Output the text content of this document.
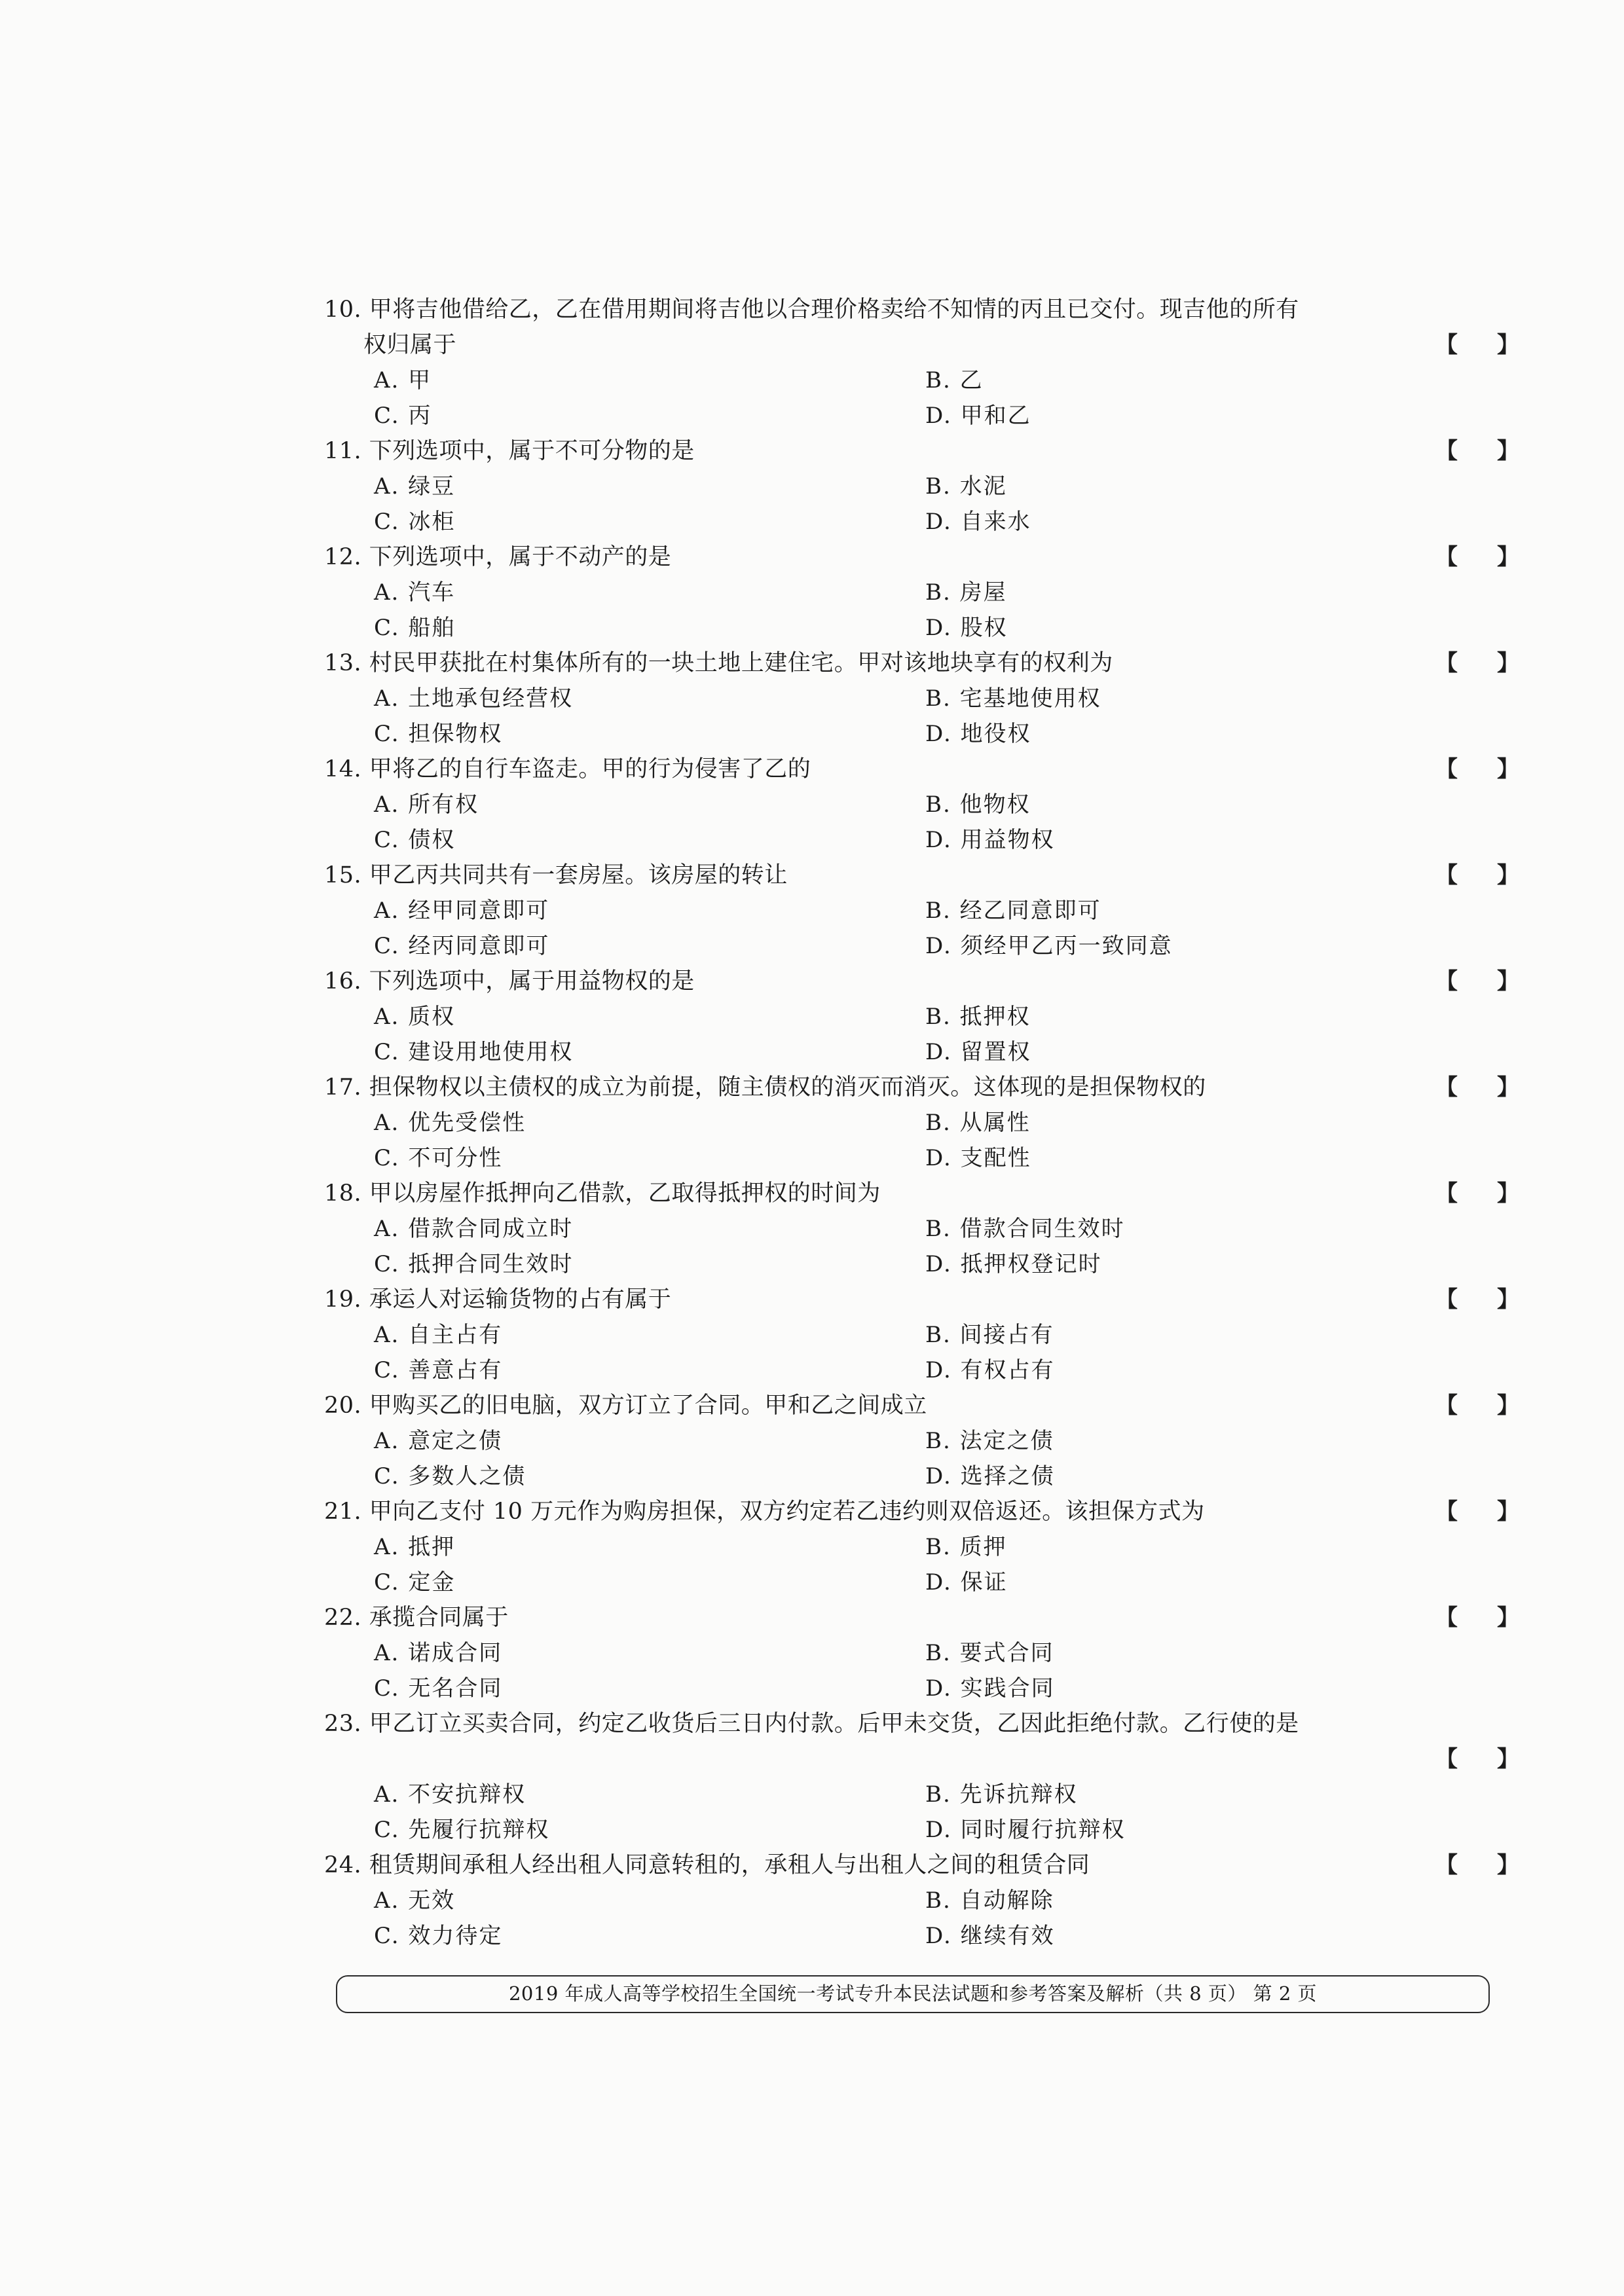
10. 甲将吉他借给乙，乙在借用期间将吉他以合理价格卖给不知情的丙且已交付。现吉他的所有
权归属于	【 】
A. 甲	B. 乙
C. 丙	D. 甲和乙
11. 下列选项中，属于不可分物的是	【 】
A. 绿豆	B. 水泥
C. 冰柜	D. 自来水
12. 下列选项中，属于不动产的是	【 】
A. 汽车	B. 房屋
C. 船舶	D. 股权
13. 村民甲获批在村集体所有的一块土地上建住宅。甲对该地块享有的权利为	【 】
A. 土地承包经营权	B. 宅基地使用权
C. 担保物权	D. 地役权
14. 甲将乙的自行车盗走。甲的行为侵害了乙的	【 】
A. 所有权	B. 他物权
C. 债权	D. 用益物权
15. 甲乙丙共同共有一套房屋。该房屋的转让	【 】
A. 经甲同意即可	B. 经乙同意即可
C. 经丙同意即可	D. 须经甲乙丙一致同意
16. 下列选项中，属于用益物权的是	【 】
A. 质权	B. 抵押权
C. 建设用地使用权	D. 留置权
17. 担保物权以主债权的成立为前提，随主债权的消灭而消灭。这体现的是担保物权的	【 】
A. 优先受偿性	B. 从属性
C. 不可分性	D. 支配性
18. 甲以房屋作抵押向乙借款，乙取得抵押权的时间为	【 】
A. 借款合同成立时	B. 借款合同生效时
C. 抵押合同生效时	D. 抵押权登记时
19. 承运人对运输货物的占有属于	【 】
A. 自主占有	B. 间接占有
C. 善意占有	D. 有权占有
20. 甲购买乙的旧电脑，双方订立了合同。甲和乙之间成立	【 】
A. 意定之债	B. 法定之债
C. 多数人之债	D. 选择之债
21. 甲向乙支付 10 万元作为购房担保，双方约定若乙违约则双倍返还。该担保方式为	【 】
A. 抵押	B. 质押
C. 定金	D. 保证
22. 承揽合同属于	【 】
A. 诺成合同	B. 要式合同
C. 无名合同	D. 实践合同
23. 甲乙订立买卖合同，约定乙收货后三日内付款。后甲未交货，乙因此拒绝付款。乙行使的是
【 】
A. 不安抗辩权	B. 先诉抗辩权
C. 先履行抗辩权	D. 同时履行抗辩权
24. 租赁期间承租人经出租人同意转租的，承租人与出租人之间的租赁合同	【 】
A. 无效	B. 自动解除
C. 效力待定	D. 继续有效
2019 年成人高等学校招生全国统一考试专升本民法试题和参考答案及解析（共 8 页） 第 2 页
